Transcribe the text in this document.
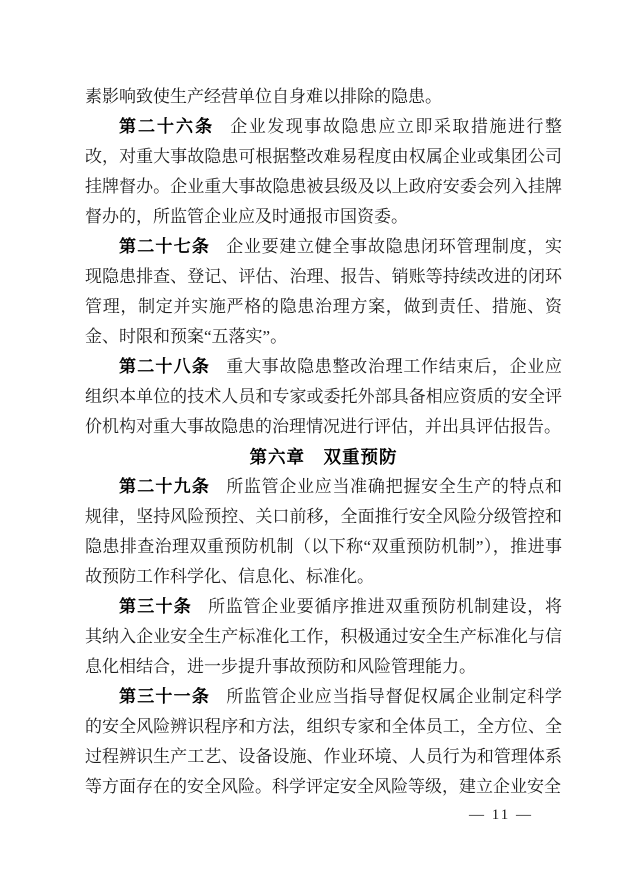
素影响致使生产经营单位自身难以排除的隐患。

第二十六条 企业发现事故隐患应立即采取措施进行整改，对重大事故隐患可根据整改难易程度由权属企业或集团公司挂牌督办。企业重大事故隐患被县级及以上政府安委会列入挂牌督办的，所监管企业应及时通报市国资委。

第二十七条 企业要建立健全事故隐患闭环管理制度，实现隐患排查、登记、评估、治理、报告、销账等持续改进的闭环管理，制定并实施严格的隐患治理方案，做到责任、措施、资金、时限和预案“五落实”。

第二十八条 重大事故隐患整改治理工作结束后，企业应组织本单位的技术人员和专家或委托外部具备相应资质的安全评价机构对重大事故隐患的治理情况进行评估，并出具评估报告。

第六章　双重预防

第二十九条 所监管企业应当准确把握安全生产的特点和规律，坚持风险预控、关口前移，全面推行安全风险分级管控和隐患排查治理双重预防机制（以下称“双重预防机制”），推进事故预防工作科学化、信息化、标准化。

第三十条 所监管企业要循序推进双重预防机制建设，将其纳入企业安全生产标准化工作，积极通过安全生产标准化与信息化相结合，进一步提升事故预防和风险管理能力。

第三十一条 所监管企业应当指导督促权属企业制定科学的安全风险辨识程序和方法，组织专家和全体员工，全方位、全过程辨识生产工艺、设备设施、作业环境、人员行为和管理体系等方面存在的安全风险。科学评定安全风险等级，建立企业安全

— 11 —
